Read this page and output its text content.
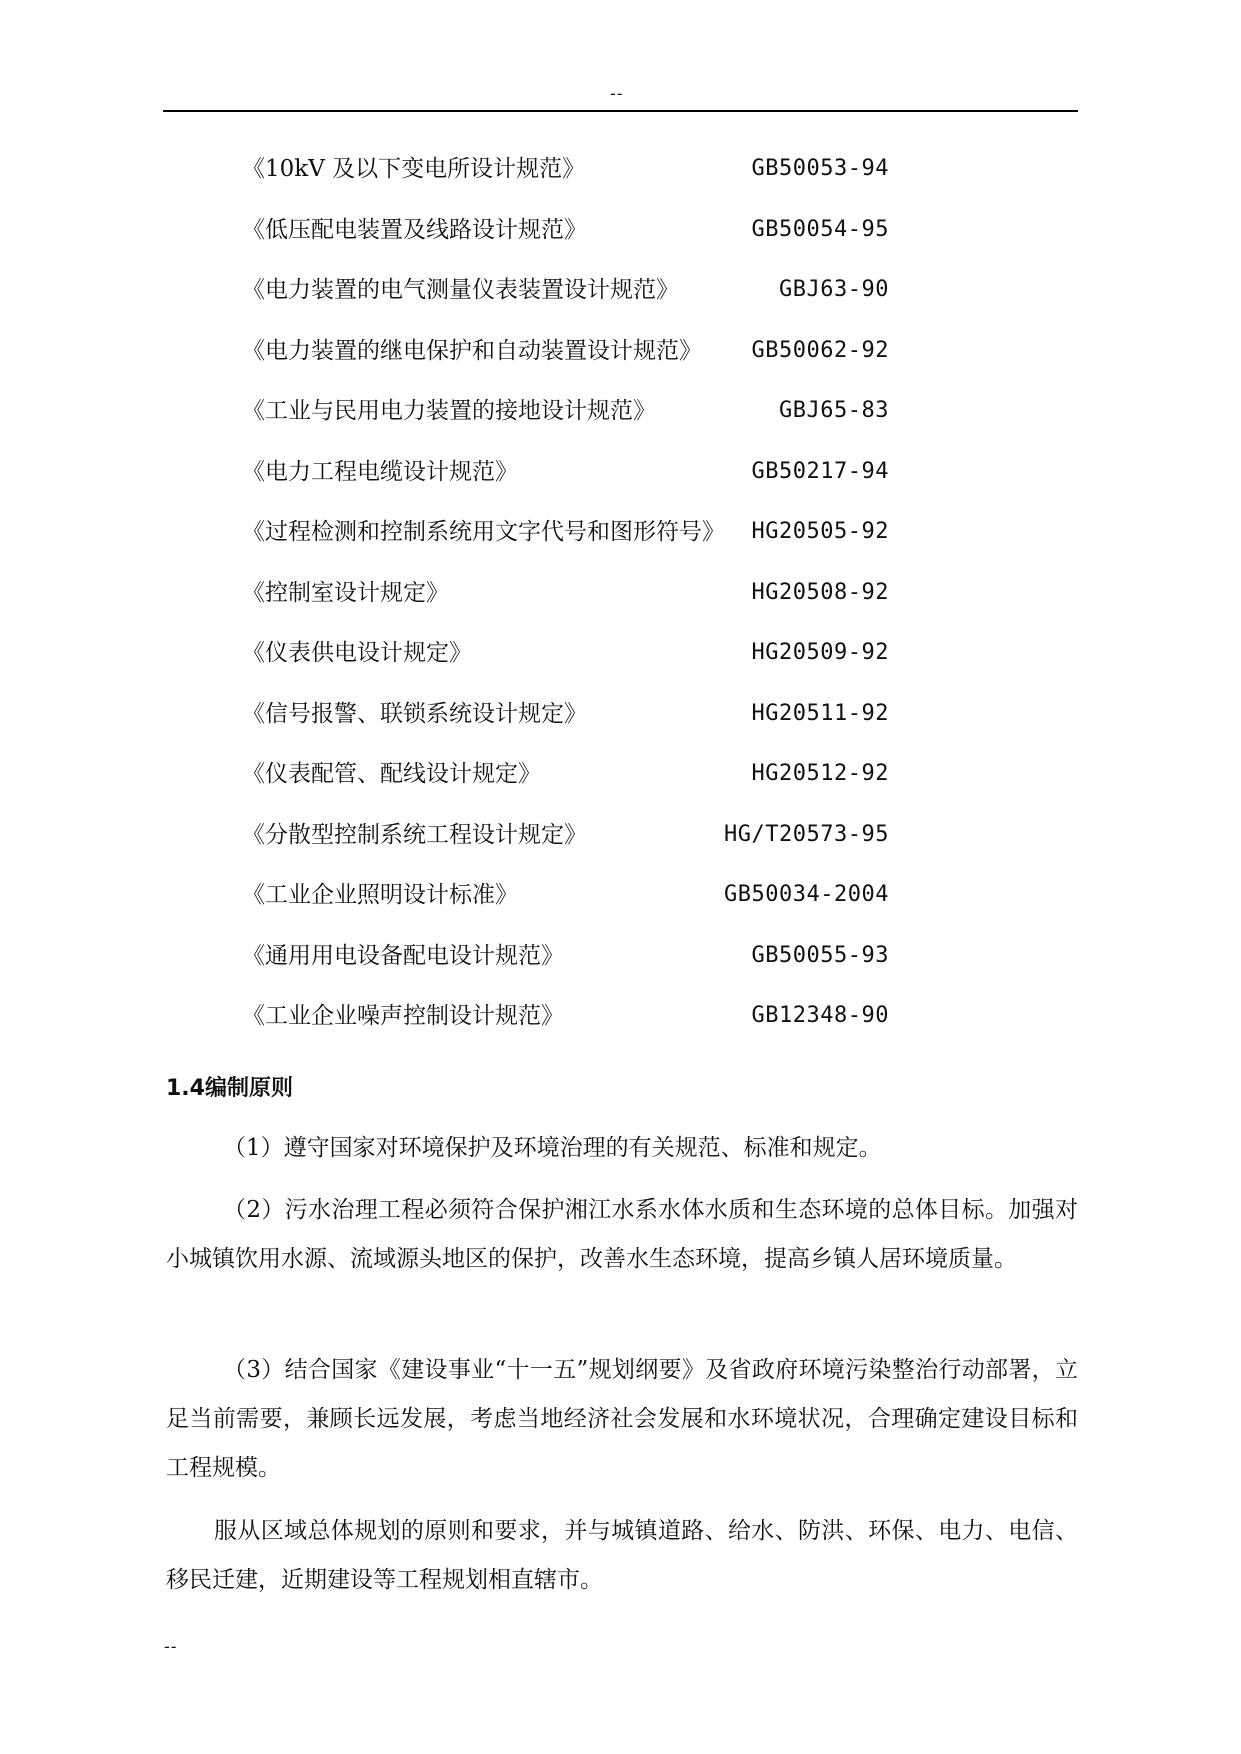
--
《10kV 及以下变电所设计规范》	GB50053-94
《低压配电装置及线路设计规范》	GB50054-95
《电力装置的电气测量仪表装置设计规范》	GBJ63-90
《电力装置的继电保护和自动装置设计规范》 GB50062-92
《工业与民用电力装置的接地设计规范》	GBJ65-83
《电力工程电缆设计规范》	GB50217-94
《过程检测和控制系统用文字代号和图形符号》 HG20505-92
《控制室设计规定》	HG20508-92
《仪表供电设计规定》	HG20509-92
《信号报警、联锁系统设计规定》	HG20511-92
《仪表配管、配线设计规定》	HG20512-92
《分散型控制系统工程设计规定》	HG/T20573-95
《工业企业照明设计标准》	GB50034-2004
《通用用电设备配电设计规范》	GB50055-93
《工业企业噪声控制设计规范》	GB12348-90
1.4编制原则

（1）遵守国家对环境保护及环境治理的有关规范、标准和规定。

（2）污水治理工程必须符合保护湘江水系水体水质和生态环境的总体目标。加强对小城镇饮用水源、流域源头地区的保护，改善水生态环境，提高乡镇人居环境质量。

（3）结合国家《建设事业“十一五”规划纲要》及省政府环境污染整治行动部署，立足当前需要，兼顾长远发展，考虑当地经济社会发展和水环境状况，合理确定建设目标和工程规模。

服从区域总体规划的原则和要求，并与城镇道路、给水、防洪、环保、电力、电信、移民迁建，近期建设等工程规划相直辖市。

--
